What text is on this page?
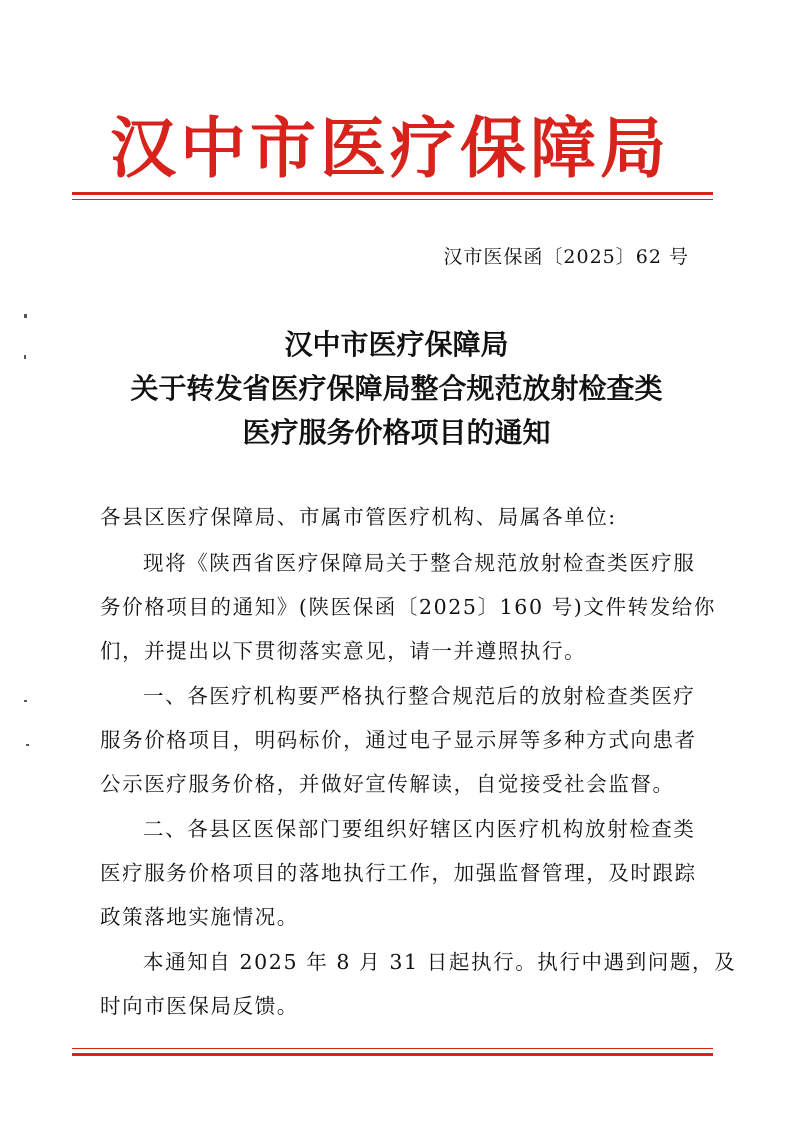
汉中市医疗保障局
汉市医保函〔2025〕62 号
汉中市医疗保障局
关于转发省医疗保障局整合规范放射检查类
医疗服务价格项目的通知
各县区医疗保障局、市属市管医疗机构、局属各单位:
现将《陕西省医疗保障局关于整合规范放射检查类医疗服
务价格项目的通知》(陕医保函〔2025〕160 号)文件转发给你
们，并提出以下贯彻落实意见，请一并遵照执行。
一、各医疗机构要严格执行整合规范后的放射检查类医疗
服务价格项目，明码标价，通过电子显示屏等多种方式向患者
公示医疗服务价格，并做好宣传解读，自觉接受社会监督。
二、各县区医保部门要组织好辖区内医疗机构放射检查类
医疗服务价格项目的落地执行工作，加强监督管理，及时跟踪
政策落地实施情况。
本通知自 2025 年 8 月 31 日起执行。执行中遇到问题，及
时向市医保局反馈。
